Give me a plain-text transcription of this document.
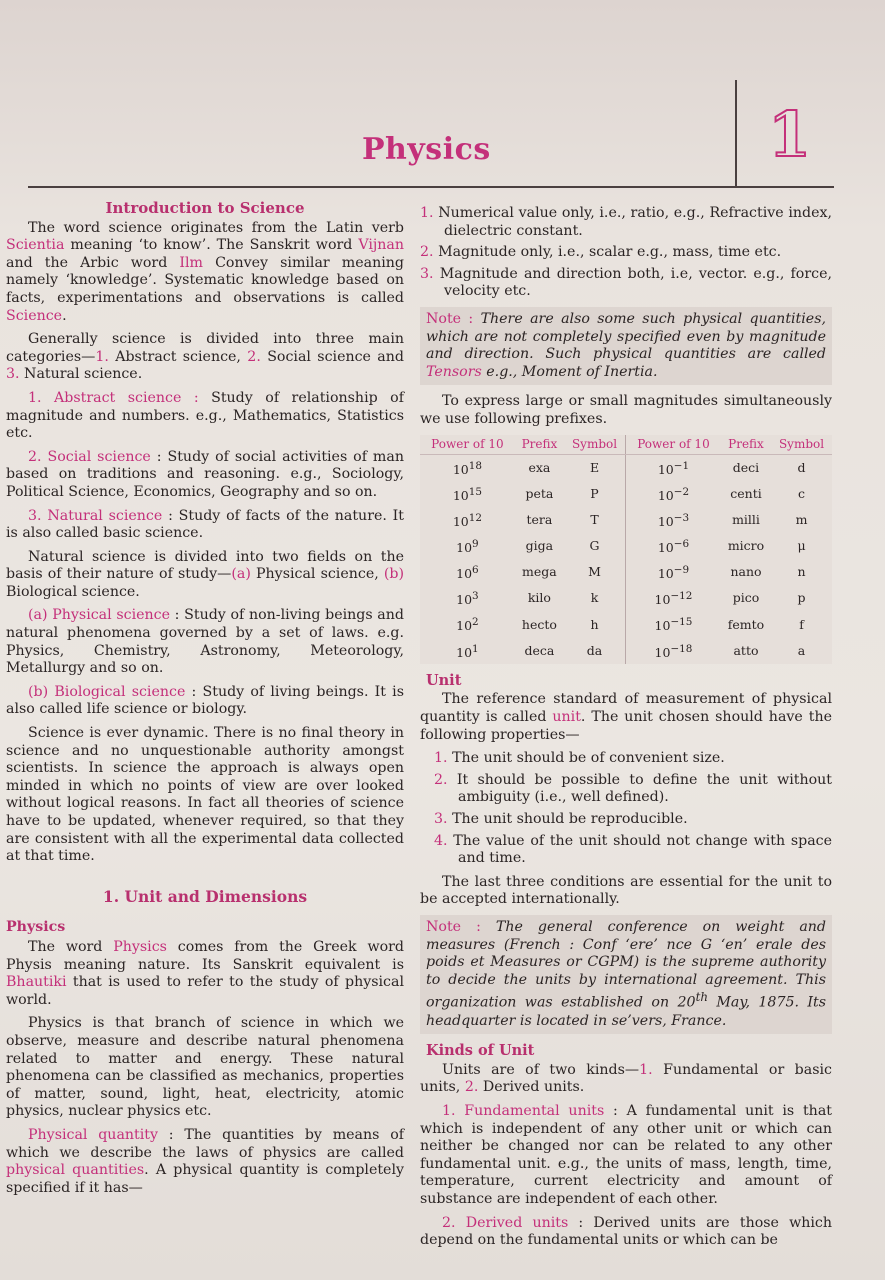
Physics	1
Introduction to Science

The word science originates from the Latin verb Scientia meaning ‘to know’. The Sanskrit word Vijnan and the Arbic word Ilm Convey similar meaning namely ‘knowledge’. Systematic knowledge based on facts, experimentations and observations is called Science.

Generally science is divided into three main categories—1. Abstract science, 2. Social science and 3. Natural science.

1. Abstract science : Study of relationship of magnitude and numbers. e.g., Mathematics, Statistics etc.

2. Social science : Study of social activities of man based on traditions and reasoning. e.g., Sociology, Political Science, Economics, Geography and so on.

3. Natural science : Study of facts of the nature. It is also called basic science.

Natural science is divided into two fields on the basis of their nature of study—(a) Physical science, (b) Biological science.

(a) Physical science : Study of non-living beings and natural phenomena governed by a set of laws. e.g. Physics, Chemistry, Astronomy, Meteorology, Metallurgy and so on.

(b) Biological science : Study of living beings. It is also called life science or biology.

Science is ever dynamic. There is no final theory in science and no unquestionable authority amongst scientists. In science the approach is always open minded in which no points of view are over looked without logical reasons. In fact all theories of science have to be updated, whenever required, so that they are consistent with all the experimental data collected at that time.

1. Unit and Dimensions
Physics

The word Physics comes from the Greek word Physis meaning nature. Its Sanskrit equivalent is Bhautiki that is used to refer to the study of physical world.

Physics is that branch of science in which we observe, measure and describe natural phenomena related to matter and energy. These natural phenomena can be classified as mechanics, properties of matter, sound, light, heat, electricity, atomic physics, nuclear physics etc.

Physical quantity : The quantities by means of which we describe the laws of physics are called physical quantities. A physical quantity is completely specified if it has—

1. Numerical value only, i.e., ratio, e.g., Refractive index, dielectric constant.
2. Magnitude only, i.e., scalar e.g., mass, time etc.
3. Magnitude and direction both, i.e, vector. e.g., force, velocity etc.
Note : There are also some such physical quantities, which are not completely specified even by magnitude and direction. Such physical quantities are called Tensors e.g., Moment of Inertia.

To express large or small magnitudes simultaneously we use following prefixes.

Power of 10	Prefix	Symbol	Power of 10	Prefix	Symbol
$10^{18}$	exa	E	$10^{-1}$	deci	d
$10^{15}$	peta	P	$10^{-2}$	centi	c
$10^{12}$	tera	T	$10^{-3}$	milli	m
$10^9$	giga	G	$10^{-6}$	micro	μ
$10^6$	mega	M	$10^{-9}$	nano	n
$10^3$	kilo	k	$10^{-12}$	pico	p
$10^2$	hecto	h	$10^{-15}$	femto	f
$10^1$	deca	da	$10^{-18}$	atto	a
Unit

The reference standard of measurement of physical quantity is called unit. The unit chosen should have the following properties—

1. The unit should be of convenient size.
2. It should be possible to define the unit without ambiguity (i.e., well defined).
3. The unit should be reproducible.
4. The value of the unit should not change with space and time.

The last three conditions are essential for the unit to be accepted internationally.

Note : The general conference on weight and measures (French : Conf ‘ere’ nce G ‘en’ erale des poids et Measures or CGPM) is the supreme authority to decide the units by international agreement. This organization was established on 20th May, 1875. Its headquarter is located in se’vers, France.
Kinds of Unit

Units are of two kinds—1. Fundamental or basic units, 2. Derived units.

1. Fundamental units : A fundamental unit is that which is independent of any other unit or which can neither be changed nor can be related to any other fundamental unit. e.g., the units of mass, length, time, temperature, current electricity and amount of substance are independent of each other.

2. Derived units : Derived units are those which depend on the fundamental units or which can be
